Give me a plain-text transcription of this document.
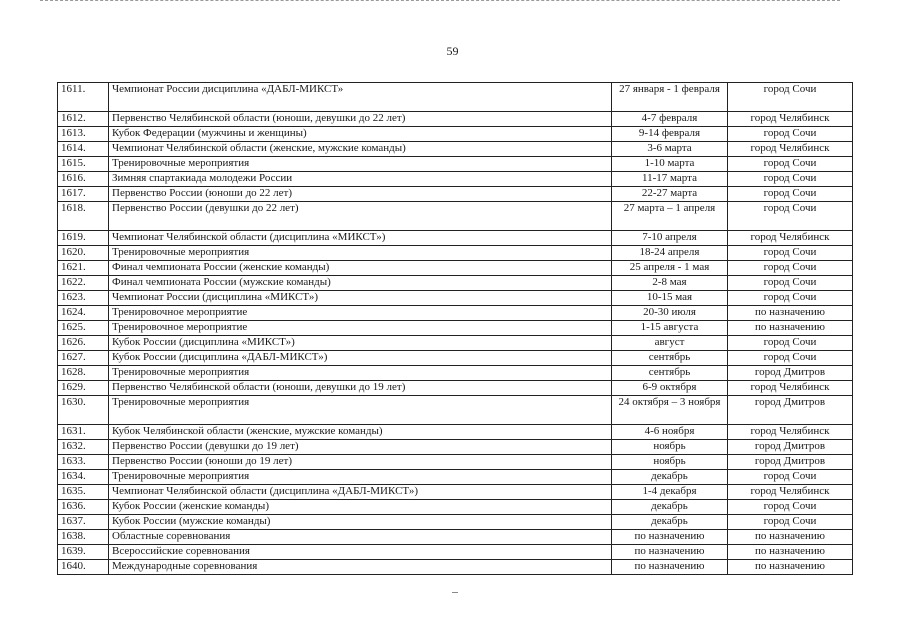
59
1611.	Чемпионат России дисциплина «ДАБЛ-МИКСТ»	27 января - 1 февраля	город Сочи
1612.	Первенство Челябинской области (юноши, девушки до 22 лет)	4-7 февраля	город Челябинск
1613.	Кубок Федерации (мужчины и женщины)	9-14 февраля	город Сочи
1614.	Чемпионат Челябинской области (женские, мужские команды)	3-6 марта	город Челябинск
1615.	Тренировочные мероприятия	1-10 марта	город Сочи
1616.	Зимняя спартакиада молодежи России	11-17 марта	город Сочи
1617.	Первенство России (юноши до 22 лет)	22-27 марта	город Сочи
1618.	Первенство России (девушки до 22 лет)	27 марта – 1 апреля	город Сочи
1619.	Чемпионат Челябинской области (дисциплина «МИКСТ»)	7-10 апреля	город Челябинск
1620.	Тренировочные мероприятия	18-24 апреля	город Сочи
1621.	Финал чемпионата России (женские команды)	25 апреля - 1 мая	город Сочи
1622.	Финал чемпионата России (мужские команды)	2-8 мая	город Сочи
1623.	Чемпионат России (дисциплина «МИКСТ»)	10-15 мая	город Сочи
1624.	Тренировочное мероприятие	20-30 июля	по назначению
1625.	Тренировочное мероприятие	1-15 августа	по назначению
1626.	Кубок России (дисциплина «МИКСТ»)	август	город Сочи
1627.	Кубок России (дисциплина «ДАБЛ-МИКСТ»)	сентябрь	город Сочи
1628.	Тренировочные мероприятия	сентябрь	город Дмитров
1629.	Первенство Челябинской области (юноши, девушки до 19 лет)	6-9 октября	город Челябинск
1630.	Тренировочные мероприятия	24 октября – 3 ноября	город Дмитров
1631.	Кубок Челябинской области (женские, мужские команды)	4-6 ноября	город Челябинск
1632.	Первенство России (девушки до 19 лет)	ноябрь	город Дмитров
1633.	Первенство России (юноши до 19 лет)	ноябрь	город Дмитров
1634.	Тренировочные мероприятия	декабрь	город Сочи
1635.	Чемпионат Челябинской области (дисциплина «ДАБЛ-МИКСТ»)	1-4 декабря	город Челябинск
1636.	Кубок России (женские команды)	декабрь	город Сочи
1637.	Кубок России (мужские команды)	декабрь	город Сочи
1638.	Областные соревнования	по назначению	по назначению
1639.	Всероссийские соревнования	по назначению	по назначению
1640.	Международные соревнования	по назначению	по назначению
